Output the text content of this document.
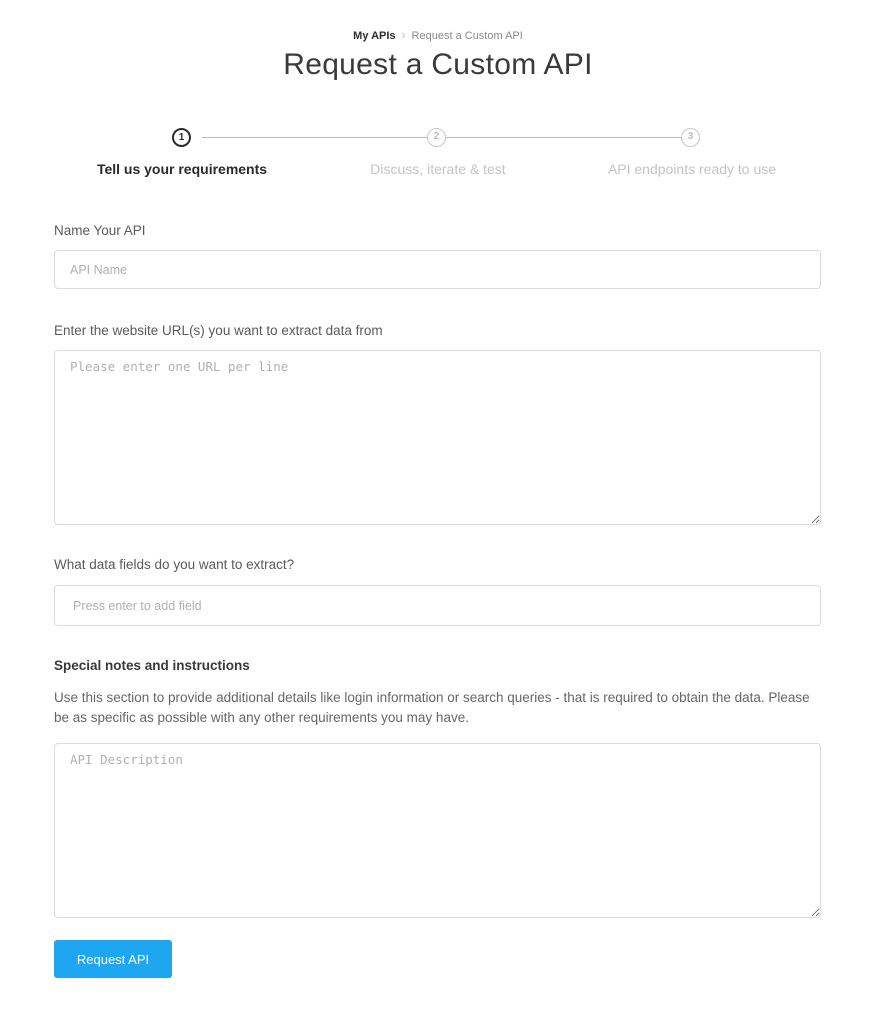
My APIs › Request a Custom API
Request a Custom API
1	2	3
Tell us your requirements	Discuss, iterate & test	API endpoints ready to use
Name Your API
API Name
Enter the website URL(s) you want to extract data from
Please enter one URL per line
What data fields do you want to extract?
Press enter to add field
Special notes and instructions

Use this section to provide additional details like login information or search queries - that is required to obtain the data. Please be as specific as possible with any other requirements you may have.

API Description
Request API
